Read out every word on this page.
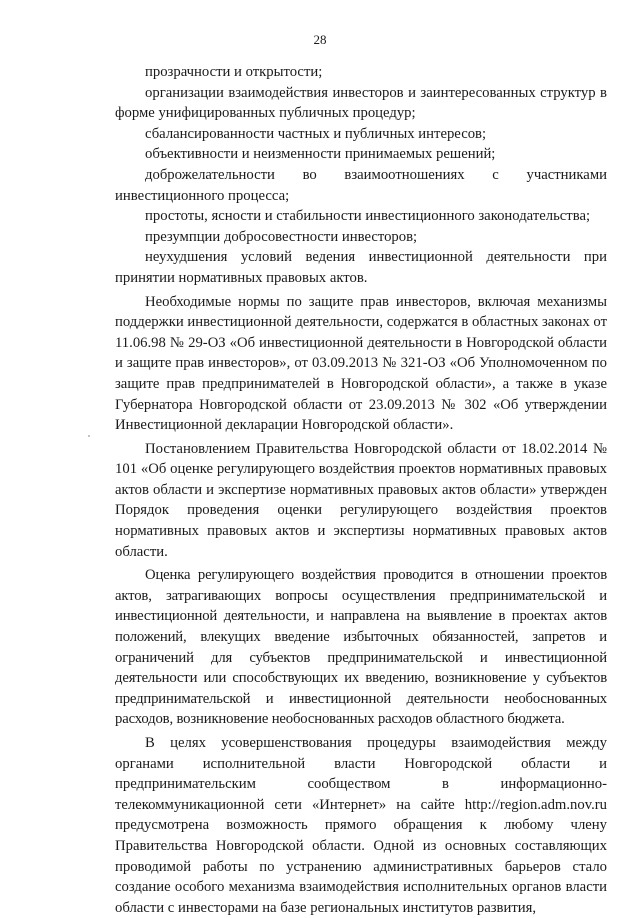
28

прозрачности и открытости;

организации взаимодействия инвесторов и заинтересованных структур в форме унифицированных публичных процедур;

сбалансированности частных и публичных интересов;

объективности и неизменности принимаемых решений;

доброжелательности во взаимоотношениях с участниками инвестиционного процесса;

простоты, ясности и стабильности инвестиционного законодательства;

презумпции добросовестности инвесторов;

неухудшения условий ведения инвестиционной деятельности при принятии нормативных правовых актов.

Необходимые нормы по защите прав инвесторов, включая механизмы поддержки инвестиционной деятельности, содержатся в областных законах от 11.06.98 № 29-ОЗ «Об инвестиционной деятельности в Новгородской области и защите прав инвесторов», от 03.09.2013 № 321-ОЗ «Об Уполномоченном по защите прав предпринимателей в Новгородской области», а также в указе Губернатора Новгородской области от 23.09.2013 № 302 «Об утверждении Инвестиционной декларации Новгородской области».

Постановлением Правительства Новгородской области от 18.02.2014 № 101 «Об оценке регулирующего воздействия проектов нормативных правовых актов области и экспертизе нормативных правовых актов области» утвержден Порядок проведения оценки регулирующего воздействия проектов нормативных правовых актов и экспертизы нормативных правовых актов области.

Оценка регулирующего воздействия проводится в отношении проектов актов, затрагивающих вопросы осуществления предпринимательской и инвестиционной деятельности, и направлена на выявление в проектах актов положений, влекущих введение избыточных обязанностей, запретов и ограничений для субъектов предпринимательской и инвестиционной деятельности или способствующих их введению, возникновение у субъектов предпринимательской и инвестиционной деятельности необоснованных расходов, возникновение необоснованных расходов областного бюджета.

В целях усовершенствования процедуры взаимодействия между органами исполнительной власти Новгородской области и предпринимательским сообществом в информационно-телекоммуникационной сети «Интернет» на сайте http://region.adm.nov.ru предусмотрена возможность прямого обращения к любому члену Правительства Новгородской области. Одной из основных составляющих проводимой работы по устранению административных барьеров стало создание особого механизма взаимодействия исполнительных органов власти области с инвесторами на базе региональных институтов развития,
